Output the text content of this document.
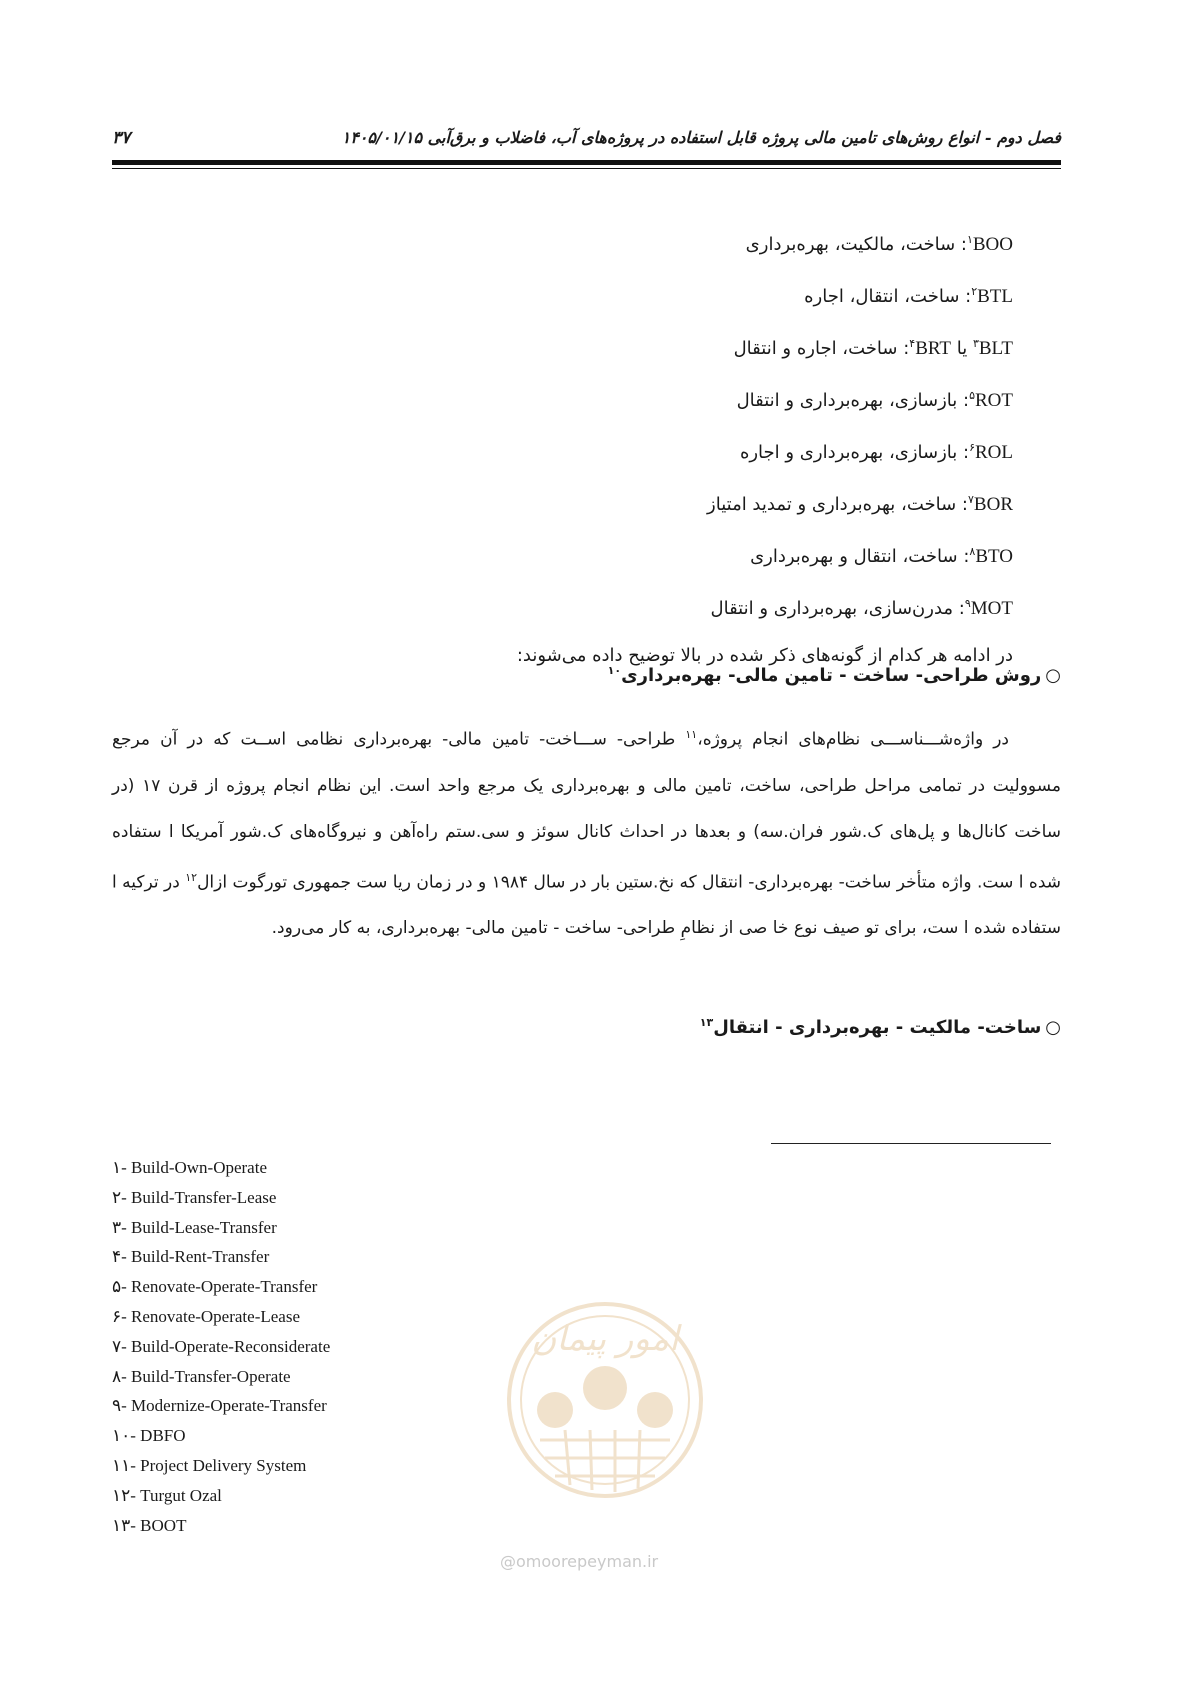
۳۷	فصل دوم - انواع روش‌های تامین مالی پروژه قابل استفاده در پروژه‌های آب، فاضلاب و برق‌آبی ۱۴۰۵/۰۱/۱۵
BOO$^۱$: ساخت، مالکیت، بهره‌برداری
BTL$^۲$: ساخت، انتقال، اجاره
BLT$^۳$ یا BRT$^۴$: ساخت، اجاره و انتقال
ROT$^۵$: بازسازی، بهره‌برداری و انتقال
ROL$^۶$: بازسازی، بهره‌برداری و اجاره
BOR$^۷$: ساخت، بهره‌برداری و تمدید امتیاز
BTO$^۸$: ساخت، انتقال و بهره‌برداری
MOT$^۹$: مدرن‌سازی، بهره‌برداری و انتقال
در ادامه هر کدام از گونه‌های ذکر شده در بالا توضیح داده می‌شوند:
○روش طراحی- ساخت - تامین مالی- بهره‌برداری$^{۱۰}$
در واژه‌شـــناســـی نظام‌های انجام پروژه،$^{۱۱}$ طراحی- ســـاخت- تامین مالی- بهره‌برداری نظامی اســت که در آن مرجع مسوولیت در تمامی مراحل طراحی، ساخت، تامین مالی و بهره‌برداری یک مرجع واحد است. این نظام انجام پروژه از قرن ۱۷ (در ساخت کانال‌ها و پل‌های ک.شور فران.سه) و بعدها در احداث کانال سوئز و سی.ستم راه‌آهن و نیروگاه‌های ک.شور آمریکا ا ستفاده شده ا ست. واژه متأخر ساخت- بهره‌برداری- انتقال که نخ.ستین بار در سال ۱۹۸۴ و در زمان ریا ست جمهوری تورگوت ازال$^{۱۲}$ در ترکیه ا ستفاده شده ا ست، برای تو صیف نوع خا صی از نظامِ طراحی- ساخت - تامین مالی- بهره‌برداری، به کار می‌رود.
○ساخت- مالکیت - بهره‌برداری - انتقال$^{۱۳}$
۱- Build-Own-Operate
۲- Build-Transfer-Lease
۳- Build-Lease-Transfer
۴- Build-Rent-Transfer
۵- Renovate-Operate-Transfer
۶- Renovate-Operate-Lease
۷- Build-Operate-Reconsiderate
۸- Build-Transfer-Operate
۹- Modernize-Operate-Transfer
۱۰- DBFO
۱۱- Project Delivery System
۱۲- Turgut Ozal
۱۳- BOOT
امور پیمان
@omoorepeyman.ir
